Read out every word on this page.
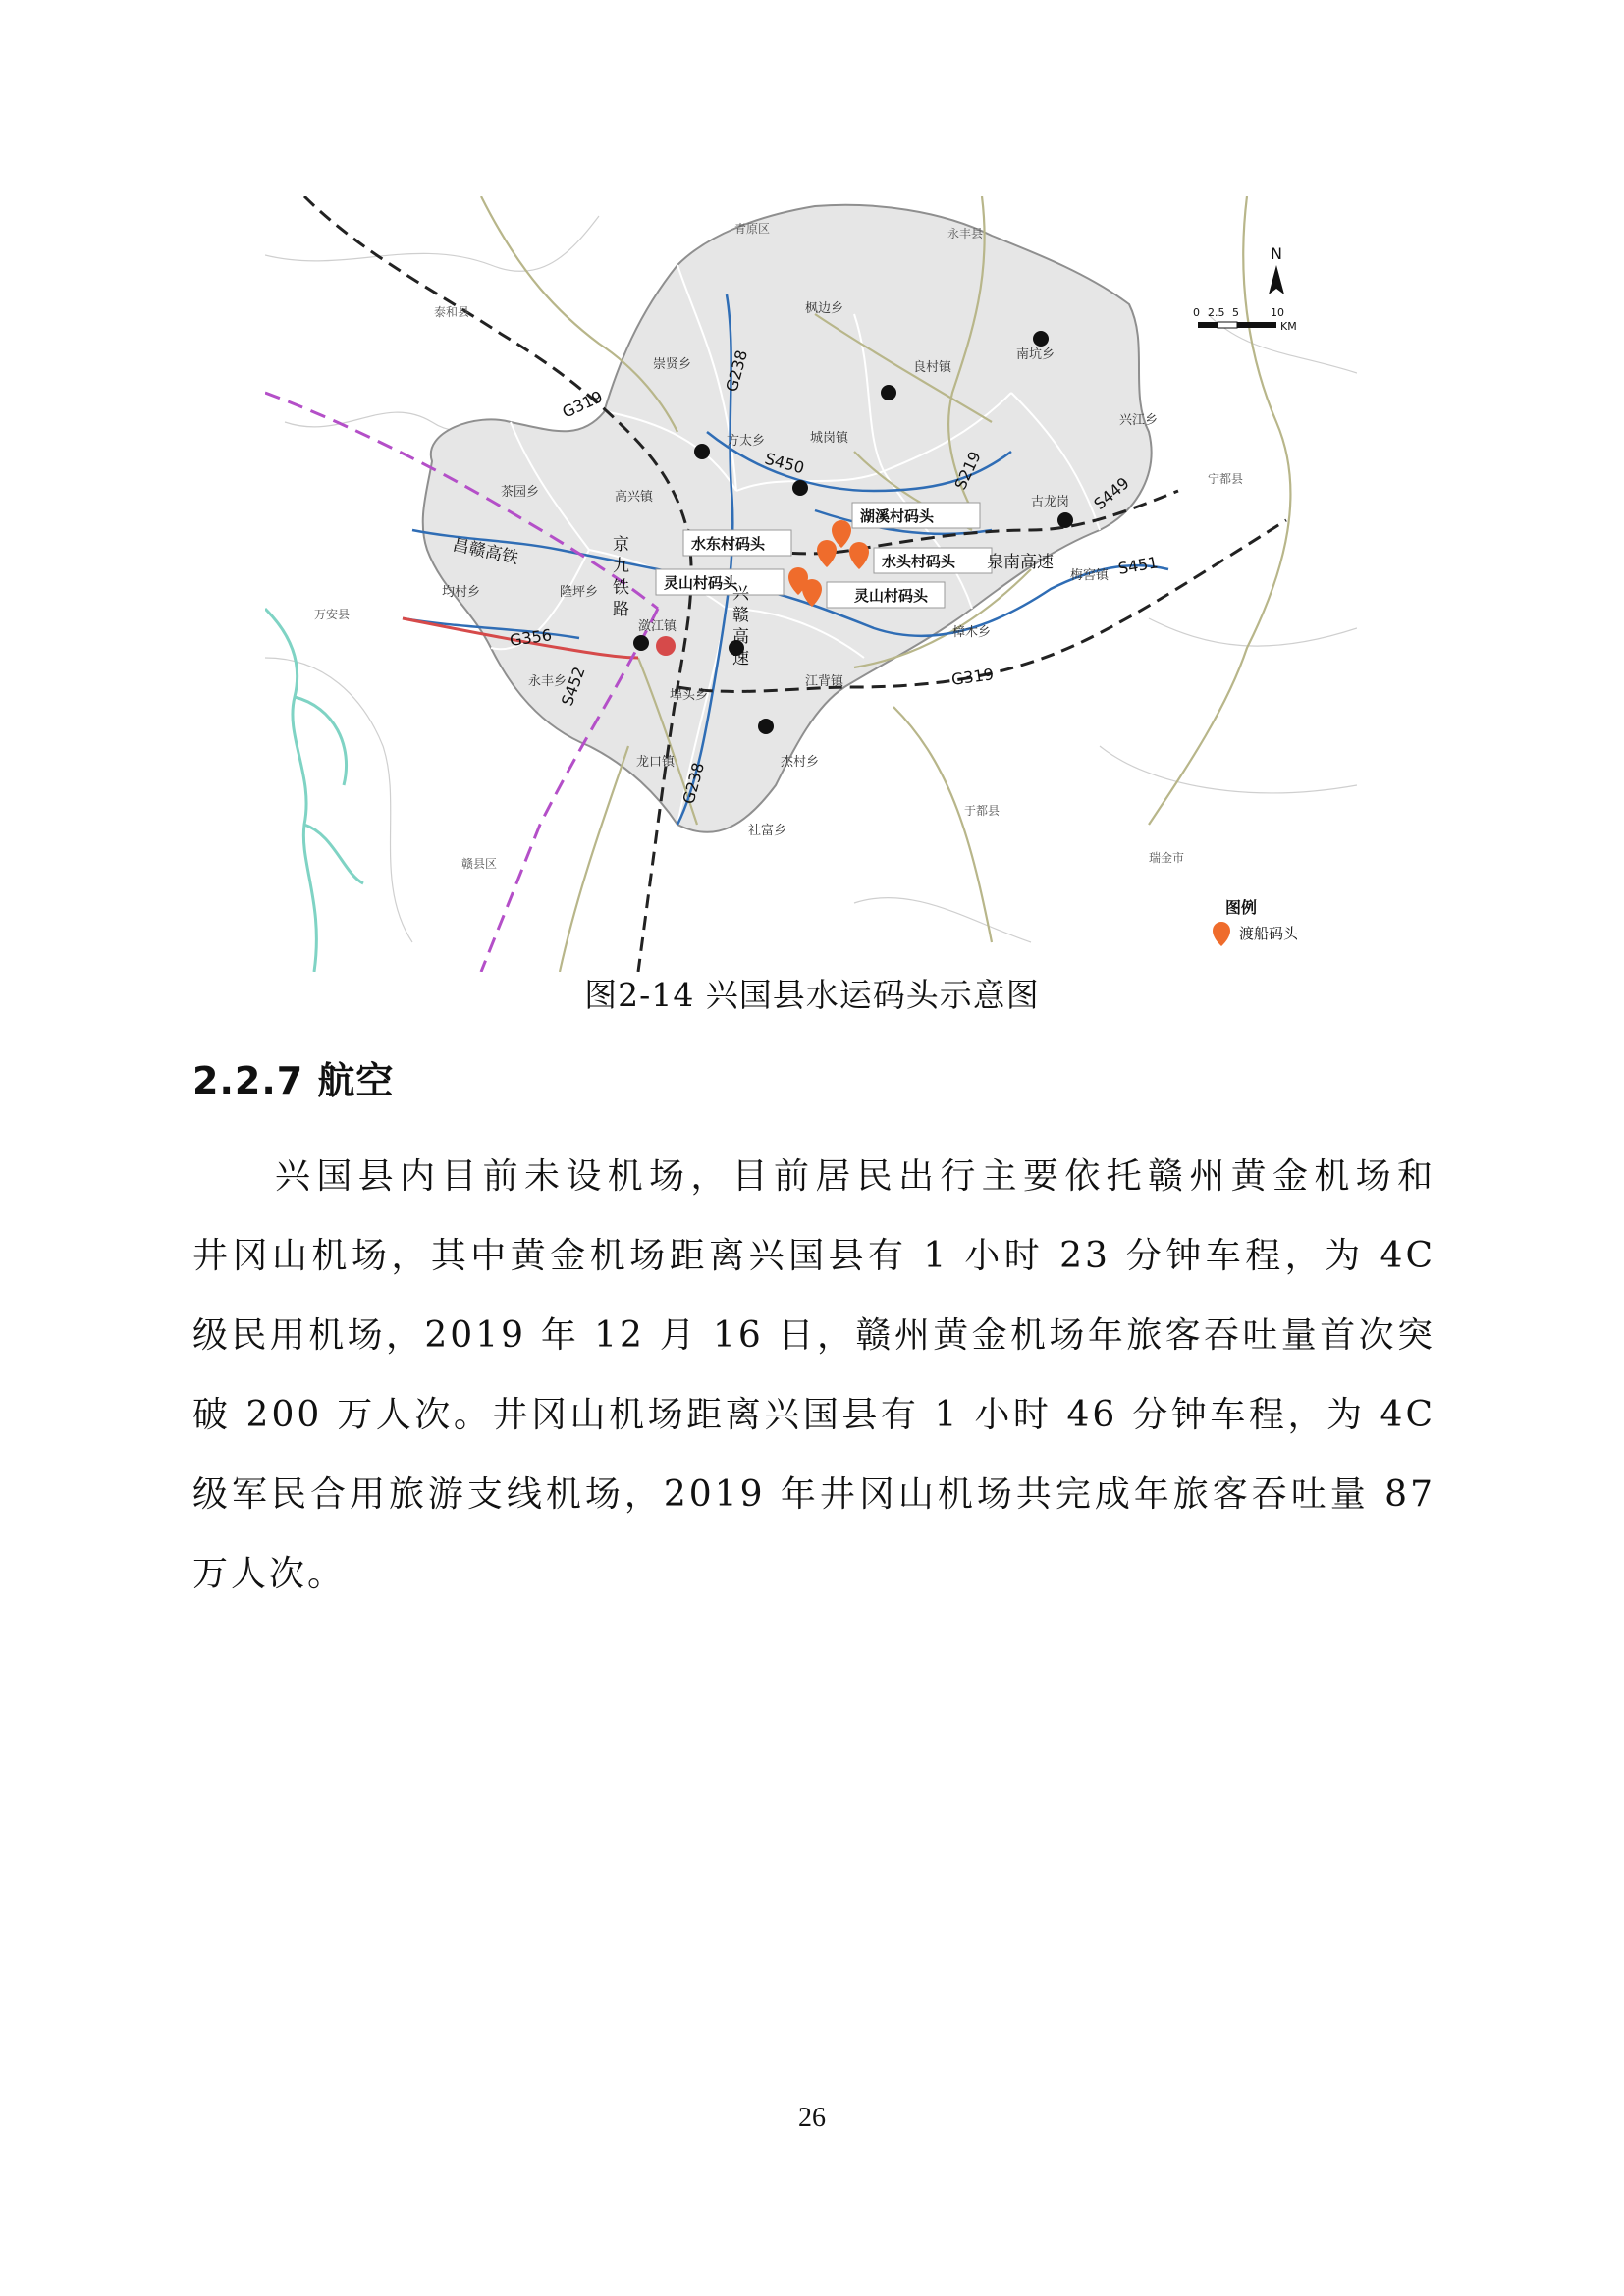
湖溪村码头
水东村码头
水头村码头
灵山村码头
灵山村码头
G319
G238
S450	S219
S449
S451
G356
S452
G238
G319
京
九
铁
路
昌赣高铁
兴
赣
高
速
泉南高速
枫边乡
崇贤乡
方太乡	城岗镇
良村镇
南坑乡
兴江乡
茶园乡	高兴镇	古龙岗
梅窖镇
均村乡	隆坪乡
潋江镇	樟木乡
永丰乡
埠头乡
江背镇
龙口镇	杰村乡
社富乡
青原区	永丰县
泰和县
宁都县
万安县
于都县
赣县区	瑞金市
N
0 2.5 5	10
KM
图例
渡船码头
图2-14 兴国县水运码头示意图
2.2.7 航空
兴国县内目前未设机场，目前居民出行主要依托赣州黄金机场和
井冈山机场，其中黄金机场距离兴国县有 1 小时 23 分钟车程，为 4C
级民用机场，2019 年 12 月 16 日，赣州黄金机场年旅客吞吐量首次突
破 200 万人次。井冈山机场距离兴国县有 1 小时 46 分钟车程，为 4C
级军民合用旅游支线机场，2019 年井冈山机场共完成年旅客吞吐量 87
万人次。
26
